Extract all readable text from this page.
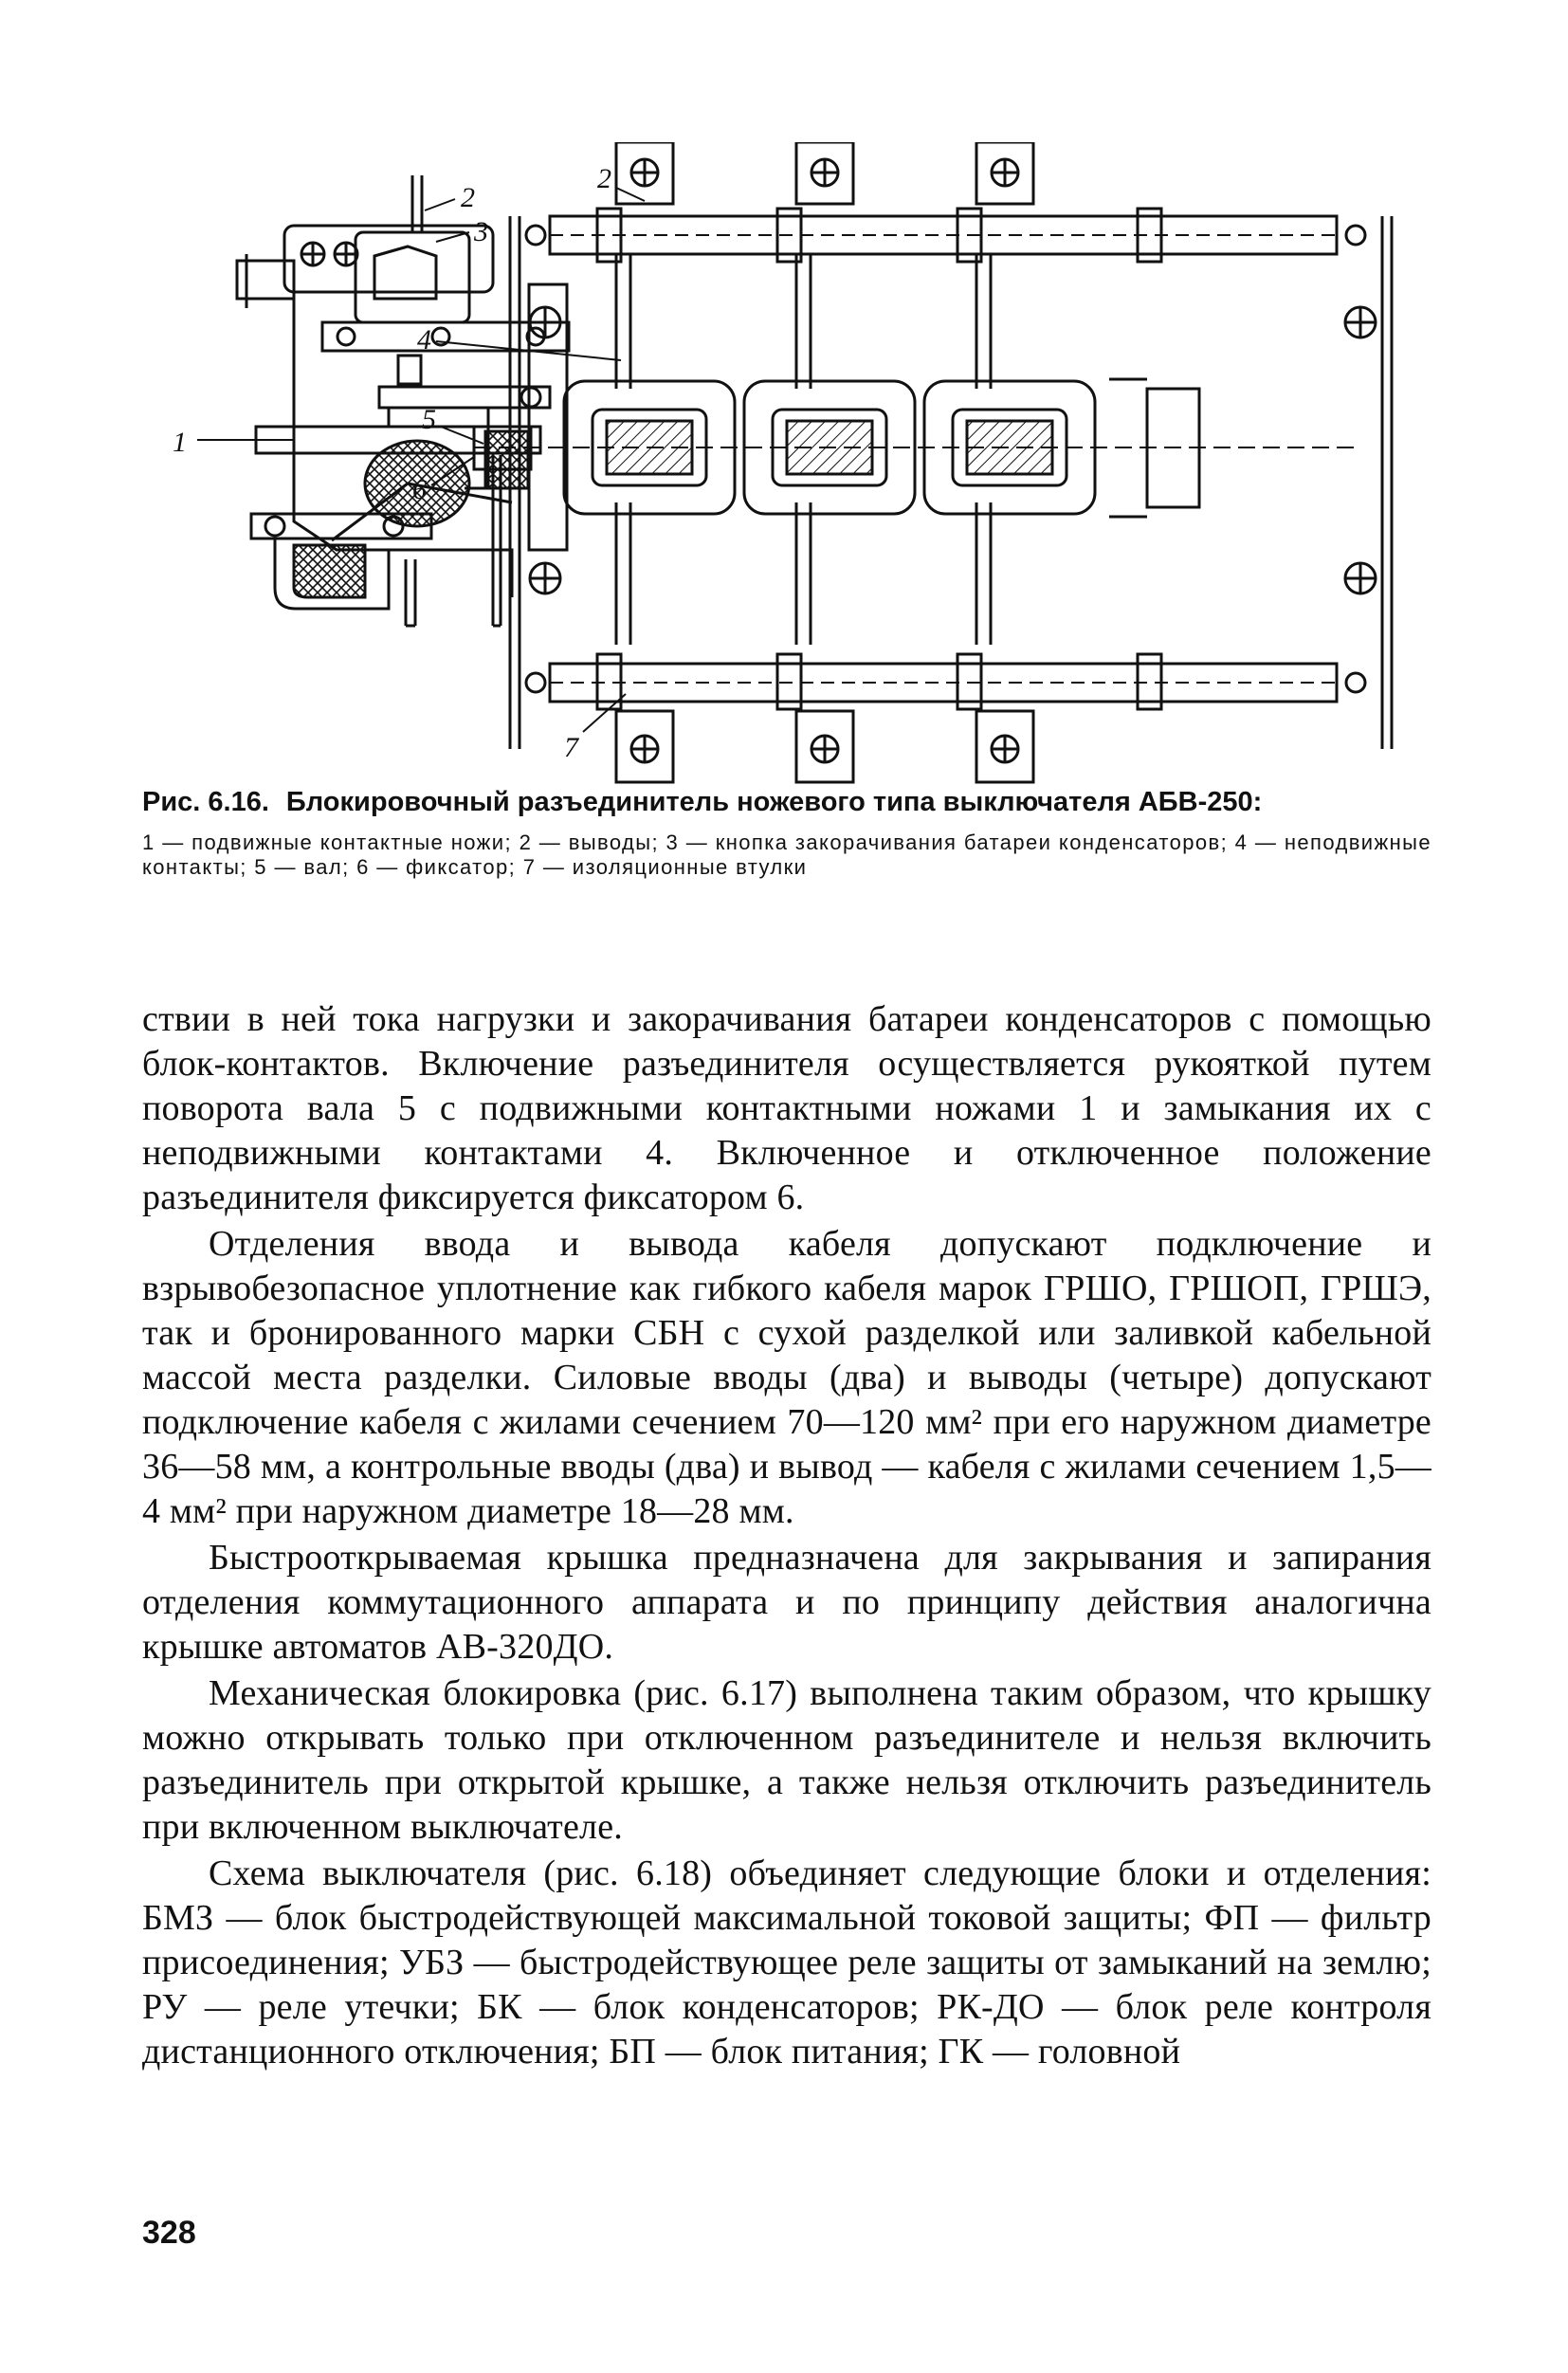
1
2
3
2
4
5
6
7
Рис. 6.16. Блокировочный разъединитель ножевого типа выключателя АБВ-250:
1 — подвижные контактные ножи; 2 — выводы; 3 — кнопка закорачивания батареи конденсаторов; 4 — неподвижные контакты; 5 — вал; 6 — фиксатор; 7 — изоляционные втулки

ствии в ней тока нагрузки и закорачивания батареи конденсаторов с помощью блок-контактов. Включение разъединителя осуществляется рукояткой путем поворота вала 5 с подвижными контактными ножами 1 и замыкания их с неподвижными контактами 4. Включенное и отключенное положение разъединителя фиксируется фиксатором 6.

Отделения ввода и вывода кабеля допускают подключение и взрывобезопасное уплотнение как гибкого кабеля марок ГРШО, ГРШОП, ГРШЭ, так и бронированного марки СБН с сухой разделкой или заливкой кабельной массой места разделки. Силовые вводы (два) и выводы (четыре) допускают подключение кабеля с жилами сечением 70—120 мм² при его наружном диаметре 36—58 мм, а контрольные вводы (два) и вывод — кабеля с жилами сечением 1,5—4 мм² при наружном диаметре 18—28 мм.

Быстрооткрываемая крышка предназначена для закрывания и запирания отделения коммутационного аппарата и по принципу действия аналогична крышке автоматов АВ-320ДО.

Механическая блокировка (рис. 6.17) выполнена таким образом, что крышку можно открывать только при отключенном разъединителе и нельзя включить разъединитель при открытой крышке, а также нельзя отключить разъединитель при включенном выключателе.

Схема выключателя (рис. 6.18) объединяет следующие блоки и отделения: БМЗ — блок быстродействующей максимальной токовой защиты; ФП — фильтр присоединения; УБЗ — быстродействующее реле защиты от замыканий на землю; РУ — реле утечки; БК — блок конденсаторов; РК-ДО — блок реле контроля дистанционного отключения; БП — блок питания; ГК — головной

328
